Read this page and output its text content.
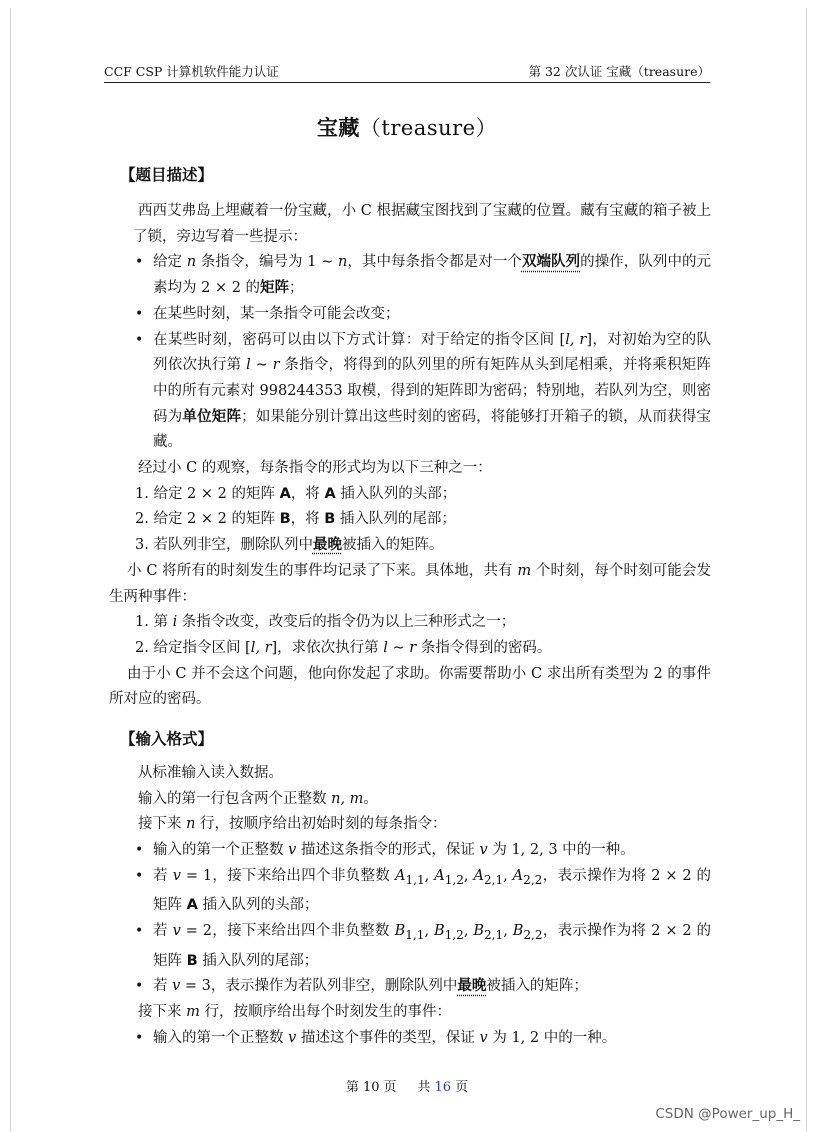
CCF CSP 计算机软件能力认证	第 32 次认证 宝藏（treasure）
宝藏（treasure）
【题目描述】

西西艾弗岛上埋藏着一份宝藏，小 C 根据藏宝图找到了宝藏的位置。藏有宝藏的箱子被上了锁，旁边写着一些提示：

• 给定 n 条指令，编号为 1 ∼ n，其中每条指令都是对一个双端队列的操作，队列中的元素均为 2 × 2 的矩阵；
• 在某些时刻，某一条指令可能会改变；
• 在某些时刻，密码可以由以下方式计算：对于给定的指令区间 [l, r]，对初始为空的队列依次执行第 l ∼ r 条指令，将得到的队列里的所有矩阵从头到尾相乘，并将乘积矩阵中的所有元素对 998244353 取模，得到的矩阵即为密码；特别地，若队列为空，则密码为单位矩阵；如果能分别计算出这些时刻的密码，将能够打开箱子的锁，从而获得宝藏。

经过小 C 的观察，每条指令的形式均为以下三种之一：

1. 给定 2 × 2 的矩阵 A，将 A 插入队列的头部；
2. 给定 2 × 2 的矩阵 B，将 B 插入队列的尾部；
3. 若队列非空，删除队列中最晚被插入的矩阵。

小 C 将所有的时刻发生的事件均记录了下来。具体地，共有 m 个时刻，每个时刻可能会发生两种事件：

1. 第 i 条指令改变，改变后的指令仍为以上三种形式之一；
2. 给定指令区间 [l, r]，求依次执行第 l ∼ r 条指令得到的密码。

由于小 C 并不会这个问题，他向你发起了求助。你需要帮助小 C 求出所有类型为 2 的事件所对应的密码。

【输入格式】

从标准输入读入数据。

输入的第一行包含两个正整数 n, m。

接下来 n 行，按顺序给出初始时刻的每条指令：

• 输入的第一个正整数 v 描述这条指令的形式，保证 v 为 1, 2, 3 中的一种。
• 若 v = 1，接下来给出四个非负整数 $A_{1,1}$, $A_{1,2}$, $A_{2,1}$, $A_{2,2}$，表示操作为将 2 × 2 的矩阵 A 插入队列的头部；
• 若 v = 2，接下来给出四个非负整数 $B_{1,1}$, $B_{1,2}$, $B_{2,1}$, $B_{2,2}$，表示操作为将 2 × 2 的矩阵 B 插入队列的尾部；
• 若 v = 3，表示操作为若队列非空，删除队列中最晚被插入的矩阵；

接下来 m 行，按顺序给出每个时刻发生的事件：

• 输入的第一个正整数 v 描述这个事件的类型，保证 v 为 1, 2 中的一种。
第 10 页 共 16 页
CSDN @Power_up_H_
